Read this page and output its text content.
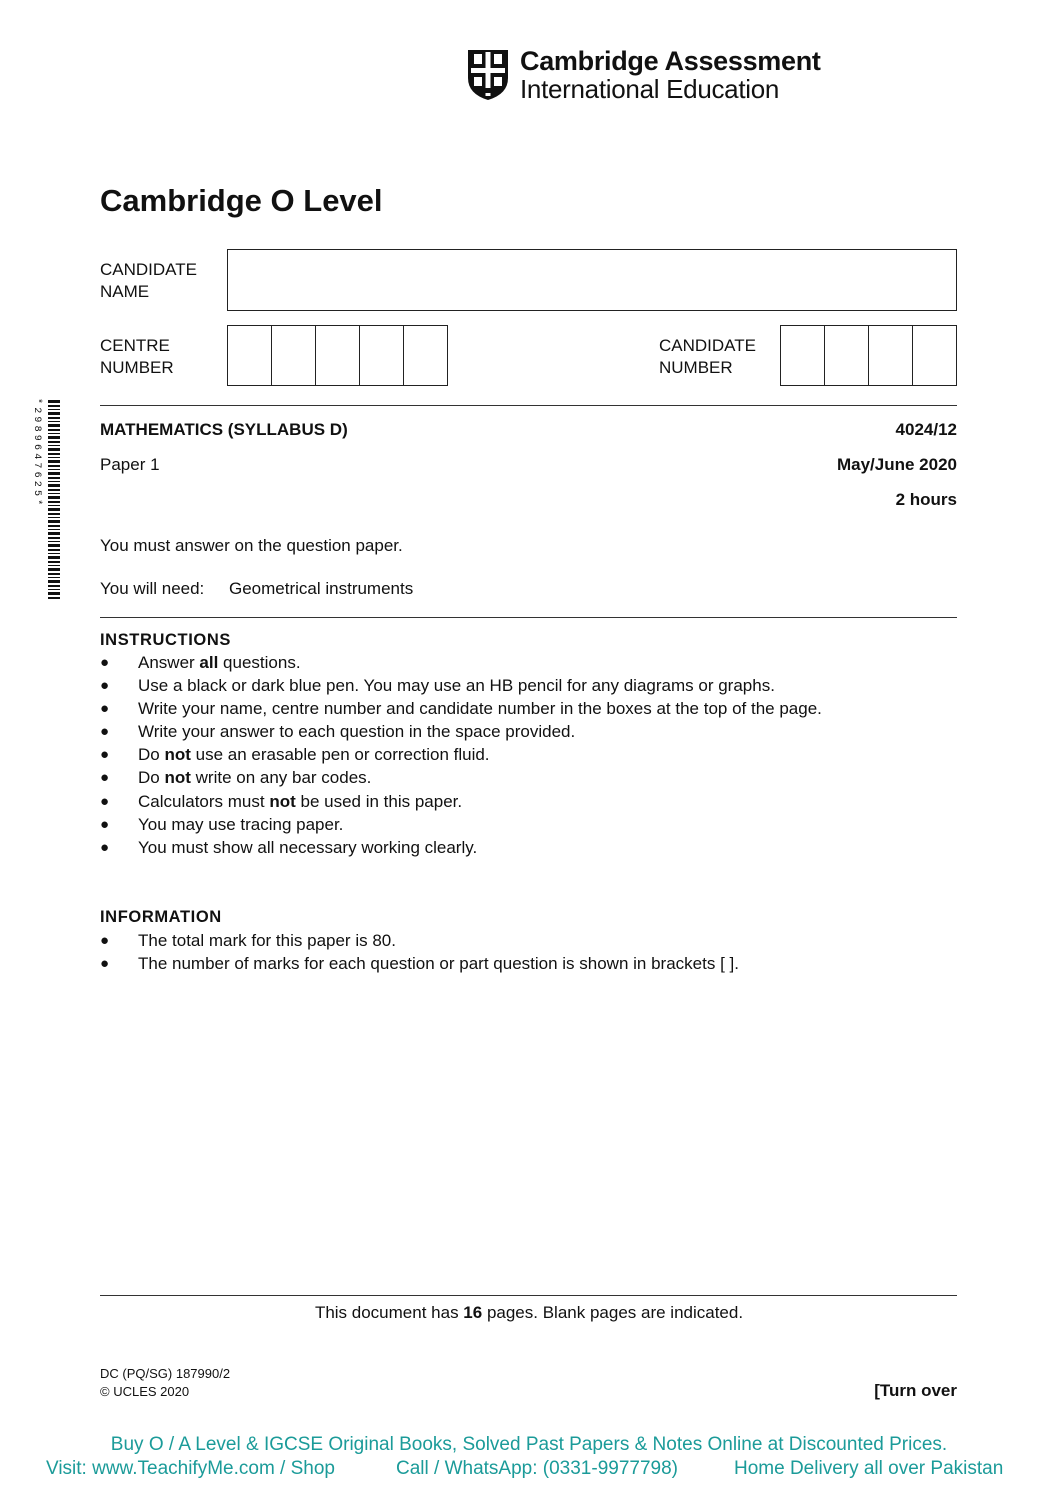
Cambridge Assessment
International Education
Cambridge O Level
CANDIDATE
NAME
CENTRE
NUMBER
CANDIDATE
NUMBER
*2989647625*	MATHEMATICS (SYLLABUS D)	4024/12
Paper 1	May/June 2020
2 hours
You must answer on the question paper.
You will need: Geometrical instruments
INSTRUCTIONS
● Answer all questions.
● Use a black or dark blue pen. You may use an HB pencil for any diagrams or graphs.
● Write your name, centre number and candidate number in the boxes at the top of the page.
● Write your answer to each question in the space provided.
● Do not use an erasable pen or correction fluid.
● Do not write on any bar codes.
● Calculators must not be used in this paper.
● You may use tracing paper.
● You must show all necessary working clearly.
INFORMATION
● The total mark for this paper is 80.
● The number of marks for each question or part question is shown in brackets [ ].
This document has 16 pages. Blank pages are indicated.
DC (PQ/SG) 187990/2
© UCLES 2020	[Turn over
Buy O / A Level & IGCSE Original Books, Solved Past Papers & Notes Online at Discounted Prices.
Visit: www.TeachifyMe.com / Shop	Call / WhatsApp: (0331-9977798)	Home Delivery all over Pakistan
